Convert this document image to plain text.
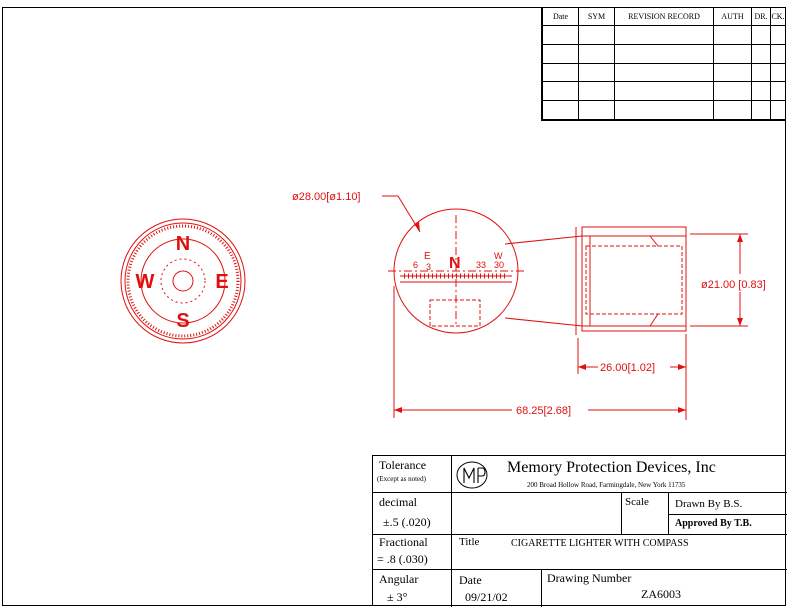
Date	SYM	REVISION RECORD	AUTH	DR.	CK.

N
E
S
W
6
E
3 N 33
W
30
ø28.00[ø1.10]
ø21.00 [0.83]
26.00[1.02]
68.25[2.68]
Tolerance
(Except as noted)
Memory Protection Devices, Inc
200 Broad Hollow Road, Farmingdale, New York 11735
decimal
±.5 (.020)
Scale Drawn By B.S.
Approved By T.B.
Fractional
= .8 (.030)
Title	CIGARETTE LIGHTER WITH COMPASS
Angular
± 3°
Date
09/21/02
Drawing Number
ZA6003
